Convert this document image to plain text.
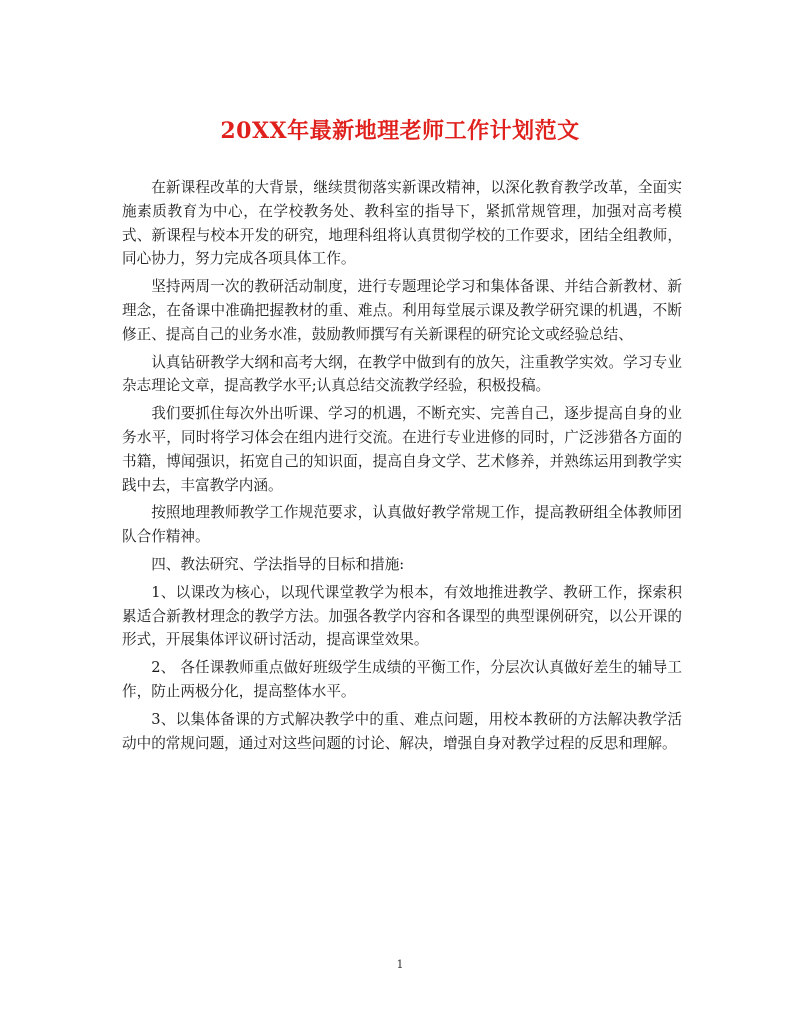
20XX年最新地理老师工作计划范文

在新课程改革的大背景，继续贯彻落实新课改精神，以深化教育教学改革，全面实施素质教育为中心，在学校教务处、教科室的指导下，紧抓常规管理，加强对高考模式、新课程与校本开发的研究，地理科组将认真贯彻学校的工作要求，团结全组教师，同心协力，努力完成各项具体工作。

坚持两周一次的教研活动制度，进行专题理论学习和集体备课、并结合新教材、新理念，在备课中准确把握教材的重、难点。利用每堂展示课及教学研究课的机遇，不断修正、提高自己的业务水准，鼓励教师撰写有关新课程的研究论文或经验总结、

认真钻研教学大纲和高考大纲，在教学中做到有的放矢，注重教学实效。学习专业杂志理论文章，提高教学水平;认真总结交流教学经验，积极投稿。

我们要抓住每次外出听课、学习的机遇，不断充实、完善自己，逐步提高自身的业务水平，同时将学习体会在组内进行交流。在进行专业进修的同时，广泛涉猎各方面的书籍，博闻强识，拓宽自己的知识面，提高自身文学、艺术修养，并熟练运用到教学实践中去，丰富教学内涵。

按照地理教师教学工作规范要求，认真做好教学常规工作，提高教研组全体教师团队合作精神。

四、教法研究、学法指导的目标和措施:

1、以课改为核心，以现代课堂教学为根本，有效地推进教学、教研工作，探索积累适合新教材理念的教学方法。加强各教学内容和各课型的典型课例研究，以公开课的形式，开展集体评议研讨活动，提高课堂效果。

2、 各任课教师重点做好班级学生成绩的平衡工作，分层次认真做好差生的辅导工作，防止两极分化，提高整体水平。

3、以集体备课的方式解决教学中的重、难点问题，用校本教研的方法解决教学活动中的常规问题，通过对这些问题的讨论、解决，增强自身对教学过程的反思和理解。

1
